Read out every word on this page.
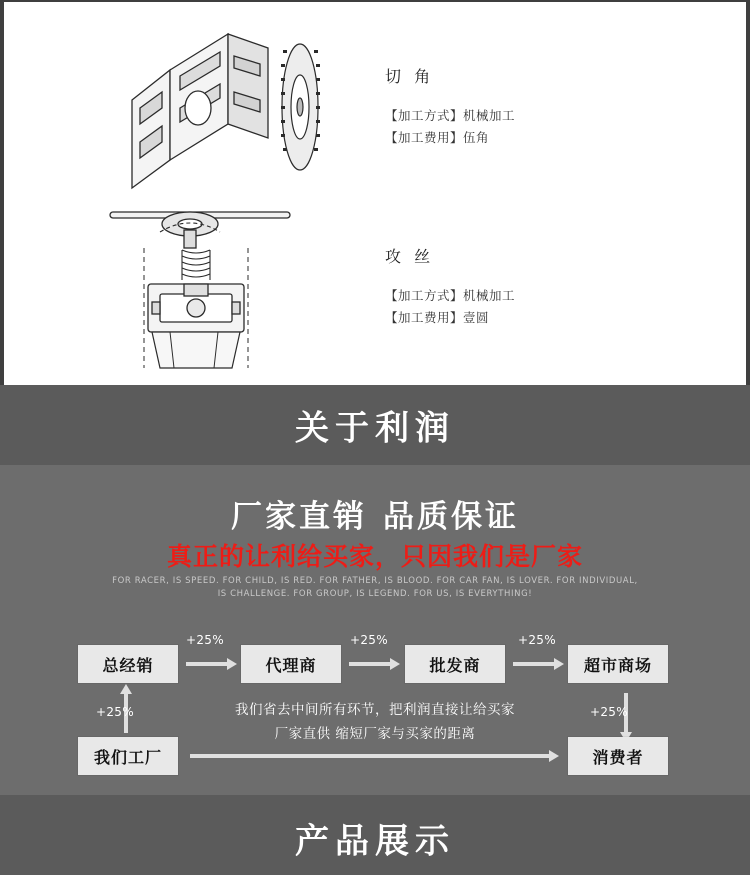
切 角
【加工方式】机械加工
【加工费用】伍角
攻 丝
【加工方式】机械加工
【加工费用】壹圆
关于利润
厂家直销 品质保证
真正的让利给买家，只因我们是厂家
FOR RACER, IS SPEED. FOR CHILD, IS RED. FOR FATHER, IS BLOOD. FOR CAR FAN, IS LOVER. FOR INDIVIDUAL,
IS CHALLENGE. FOR GROUP, IS LEGEND. FOR US, IS EVERYTHING!
总经销	代理商	批发商	超市商场
+25%	+25%	+25%
+25%	+25%
我们工厂	消费者
我们省去中间所有环节，把利润直接让给买家
厂家直供 缩短厂家与买家的距离
产品展示
